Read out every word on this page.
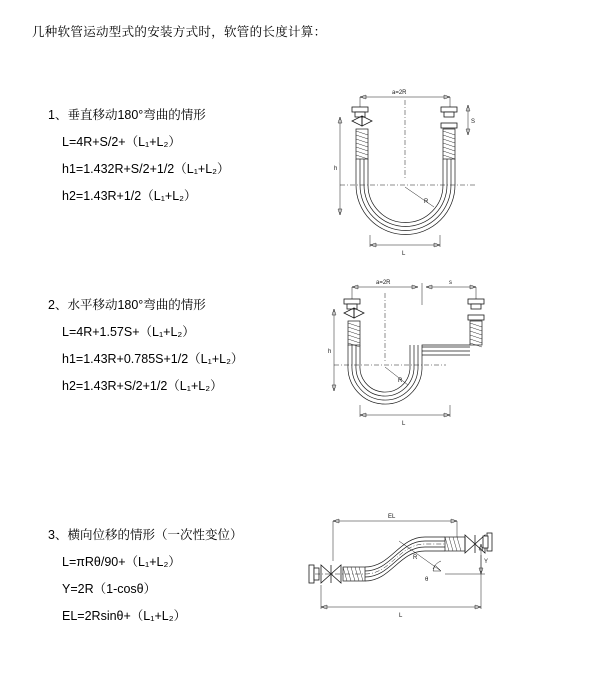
几种软管运动型式的安装方式时，软管的长度计算：
1、垂直移动180°弯曲的情形
L=4R+S/2+（L₁+L₂）
h1=1.432R+S/2+1/2（L₁+L₂）
h2=1.43R+1/2（L₁+L₂）
a=2R
S
R
h
L
2、水平移动180°弯曲的情形
L=4R+1.57S+（L₁+L₂）
h1=1.43R+0.785S+1/2（L₁+L₂）
h2=1.43R+S/2+1/2（L₁+L₂）
a=2R	s
R
h
L
3、横向位移的情形（一次性变位）
L=πRθ/90+（L₁+L₂）
Y=2R（1-cosθ）
EL=2Rsinθ+（L₁+L₂）
EL
Y
θ
R
L
